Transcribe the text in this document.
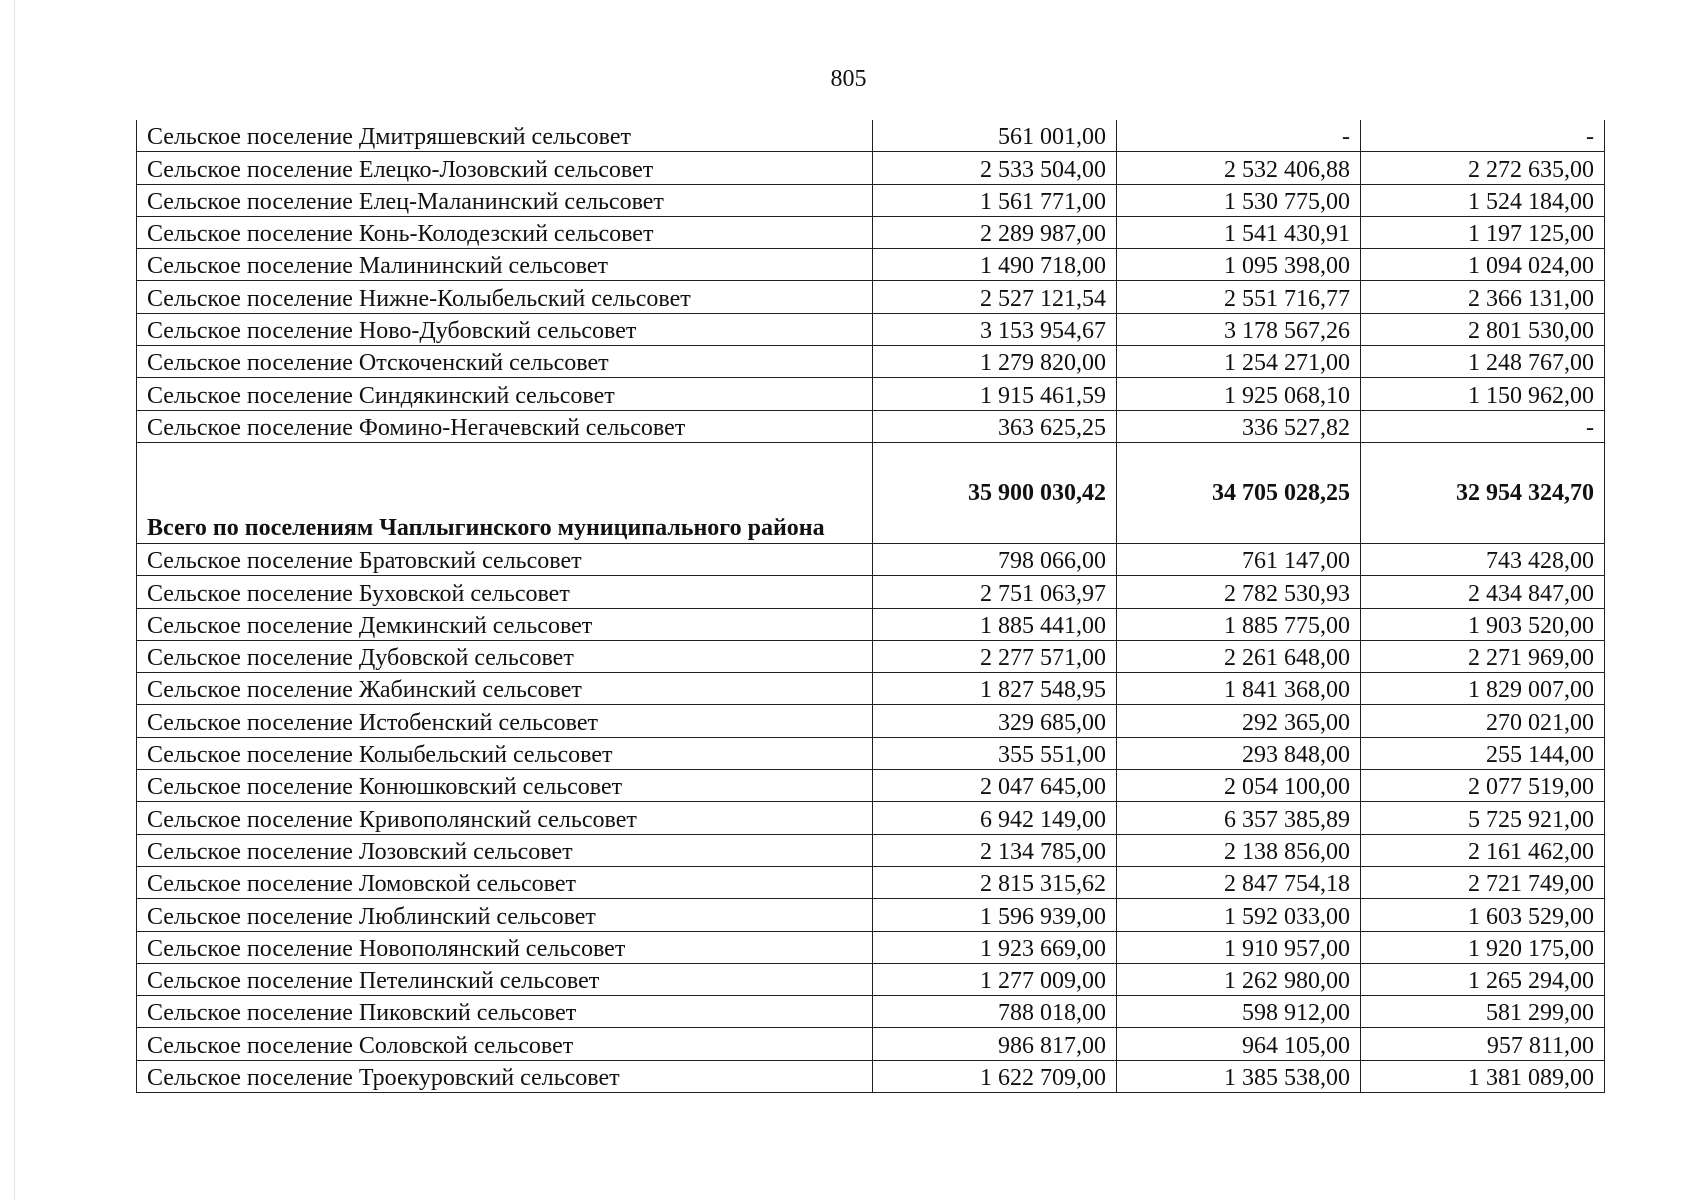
805
Сельское поселение Дмитряшевский сельсовет	561 001,00	-	-
Сельское поселение Елецко-Лозовский сельсовет	2 533 504,00	2 532 406,88	2 272 635,00
Сельское поселение Елец-Маланинский сельсовет	1 561 771,00	1 530 775,00	1 524 184,00
Сельское поселение Конь-Колодезский сельсовет	2 289 987,00	1 541 430,91	1 197 125,00
Сельское поселение Малининский сельсовет	1 490 718,00	1 095 398,00	1 094 024,00
Сельское поселение Нижне-Колыбельский сельсовет	2 527 121,54	2 551 716,77	2 366 131,00
Сельское поселение Ново-Дубовский сельсовет	3 153 954,67	3 178 567,26	2 801 530,00
Сельское поселение Отскоченский сельсовет	1 279 820,00	1 254 271,00	1 248 767,00
Сельское поселение Синдякинский сельсовет	1 915 461,59	1 925 068,10	1 150 962,00
Сельское поселение Фомино-Негачевский сельсовет	363 625,25	336 527,82	-
Всего по поселениям Чаплыгинского муниципального района	35 900 030,42	34 705 028,25	32 954 324,70
Сельское поселение Братовский сельсовет	798 066,00	761 147,00	743 428,00
Сельское поселение Буховской сельсовет	2 751 063,97	2 782 530,93	2 434 847,00
Сельское поселение Демкинский сельсовет	1 885 441,00	1 885 775,00	1 903 520,00
Сельское поселение Дубовской сельсовет	2 277 571,00	2 261 648,00	2 271 969,00
Сельское поселение Жабинский сельсовет	1 827 548,95	1 841 368,00	1 829 007,00
Сельское поселение Истобенский сельсовет	329 685,00	292 365,00	270 021,00
Сельское поселение Колыбельский сельсовет	355 551,00	293 848,00	255 144,00
Сельское поселение Конюшковский сельсовет	2 047 645,00	2 054 100,00	2 077 519,00
Сельское поселение Кривополянский сельсовет	6 942 149,00	6 357 385,89	5 725 921,00
Сельское поселение Лозовский сельсовет	2 134 785,00	2 138 856,00	2 161 462,00
Сельское поселение Ломовской сельсовет	2 815 315,62	2 847 754,18	2 721 749,00
Сельское поселение Люблинский сельсовет	1 596 939,00	1 592 033,00	1 603 529,00
Сельское поселение Новополянский сельсовет	1 923 669,00	1 910 957,00	1 920 175,00
Сельское поселение Петелинский сельсовет	1 277 009,00	1 262 980,00	1 265 294,00
Сельское поселение Пиковский сельсовет	788 018,00	598 912,00	581 299,00
Сельское поселение Соловской сельсовет	986 817,00	964 105,00	957 811,00
Сельское поселение Троекуровский сельсовет	1 622 709,00	1 385 538,00	1 381 089,00
